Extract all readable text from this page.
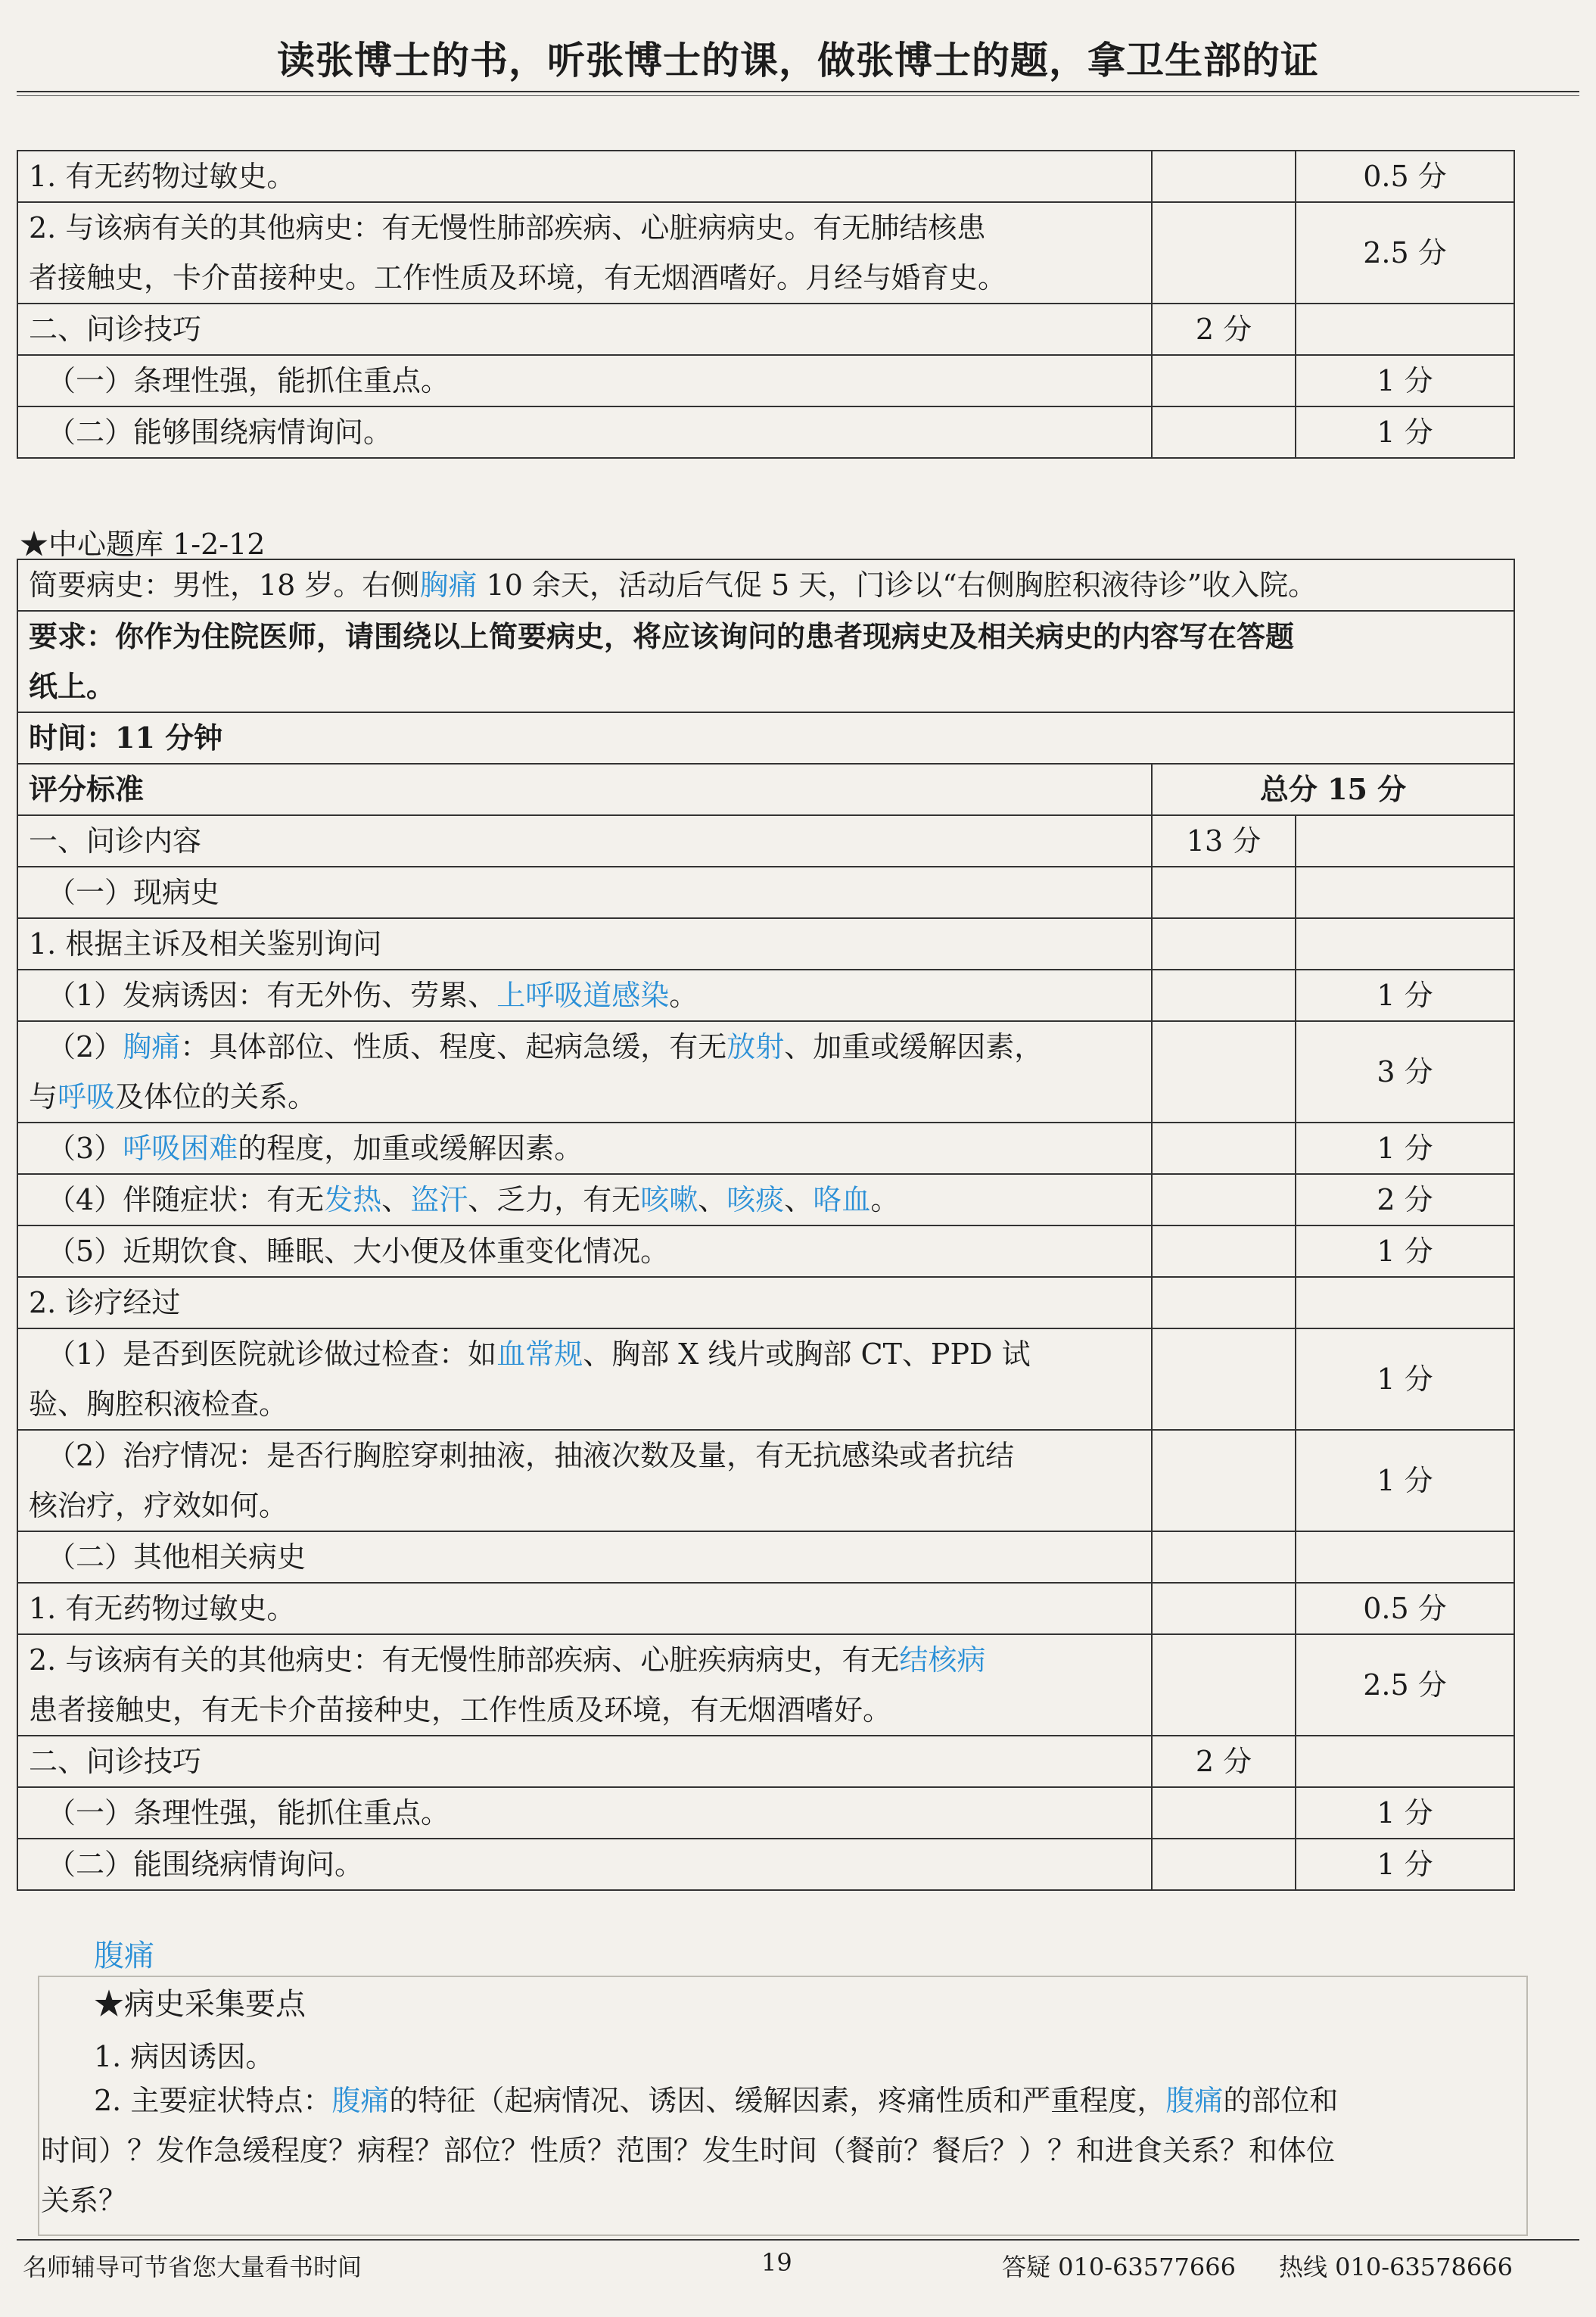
读张博士的书，听张博士的课，做张博士的题，拿卫生部的证
1. 有无药物过敏史。		0.5 分

2. 与该病有关的其他病史：有无慢性肺部疾病、心脏病病史。有无肺结核患
者接触史，卡介苗接种史。工作性质及环境，有无烟酒嗜好。月经与婚育史。		2.5 分
二、问诊技巧	2 分	
（一）条理性强，能抓住重点。		1 分
（二）能够围绕病情询问。		1 分
★中心题库 1-2-12
简要病史：男性，18 岁。右侧胸痛 10 余天，活动后气促 5 天，门诊以“右侧胸腔积液待诊”收入院。		

要求：你作为住院医师，请围绕以上简要病史，将应该询问的患者现病史及相关病史的内容写在答题
纸上。		

时间：11 分钟		
评分标准	总分 15 分	
一、问诊内容	13 分	
（一）现病史		
1. 根据主诉及相关鉴别询问		
（1）发病诱因：有无外伤、劳累、上呼吸道感染。		1 分

（2）胸痛：具体部位、性质、程度、起病急缓，有无放射、加重或缓解因素，
与呼吸及体位的关系。		3 分
（3）呼吸困难的程度，加重或缓解因素。		1 分
（4）伴随症状：有无发热、盗汗、乏力，有无咳嗽、咳痰、咯血。		2 分
（5）近期饮食、睡眠、大小便及体重变化情况。		1 分
2. 诊疗经过		

（1）是否到医院就诊做过检查：如血常规、胸部 X 线片或胸部 CT、PPD 试
验、胸腔积液检查。		1 分

（2）治疗情况：是否行胸腔穿刺抽液，抽液次数及量，有无抗感染或者抗结
核治疗，疗效如何。		1 分
（二）其他相关病史		
1. 有无药物过敏史。		0.5 分

2. 与该病有关的其他病史：有无慢性肺部疾病、心脏疾病病史，有无结核病
患者接触史，有无卡介苗接种史，工作性质及环境，有无烟酒嗜好。		2.5 分
二、问诊技巧	2 分	
（一）条理性强，能抓住重点。		1 分
（二）能围绕病情询问。		1 分
腹痛
★病史采集要点
1. 病因诱因。
2. 主要症状特点：腹痛的特征（起病情况、诱因、缓解因素，疼痛性质和严重程度，腹痛的部位和
时间）？发作急缓程度？病程？部位？性质？范围？发生时间（餐前？餐后？）？和进食关系？和体位
关系？
名师辅导可节省您大量看书时间	19	答疑 010-63577666 热线 010-63578666
